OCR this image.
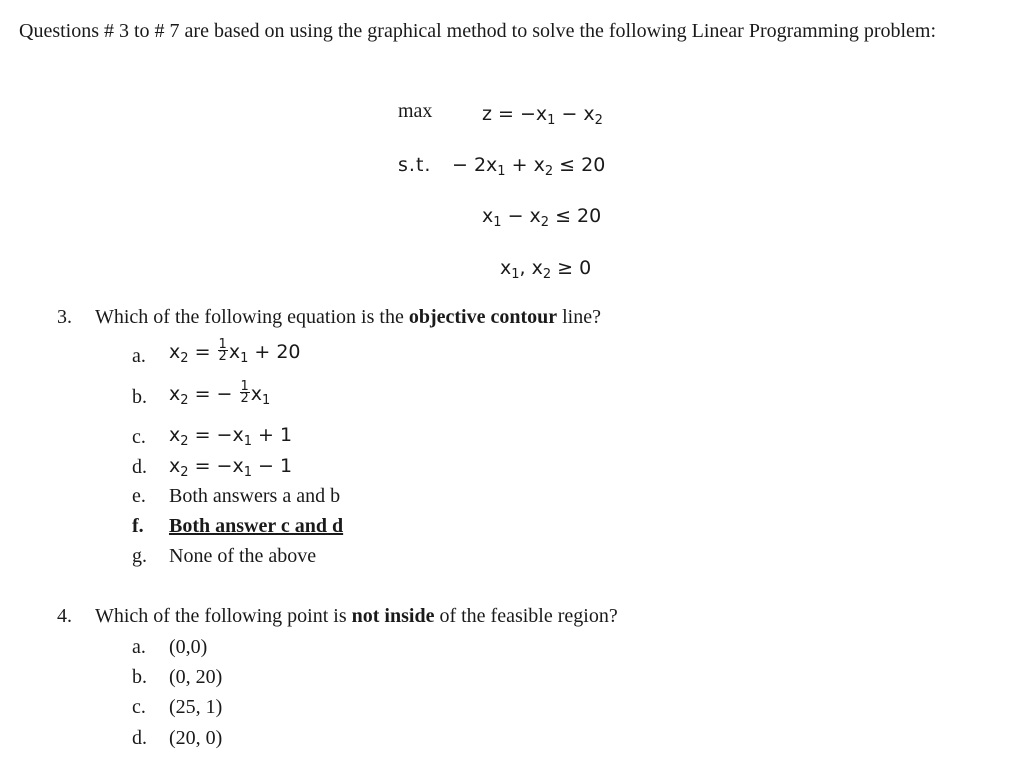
Questions # 3 to # 7 are based on using the graphical method to solve the following Linear Programming problem:
max	$z = -x_1 - x_2$
s.t. − $2x_1 + x_2 \le 20$
$x_1 - x_2 \le 20$
$x_1$, $x_2 \ge 0$
3. Which of the following equation is the objective contour line?
a. $x_2 = \frac{1}{2} x_1 + 20$
b. $x_2$ = − $\frac{1}{2} x_1$
c. $x_2 = -x_1 + 1$
d. $x_2 = -x_1 - 1$
e. Both answers a and b
f. Both answer c and d
g. None of the above
4. Which of the following point is not inside of the feasible region?
a. (0,0)
b. (0, 20)
c. (25, 1)
d. (20, 0)
